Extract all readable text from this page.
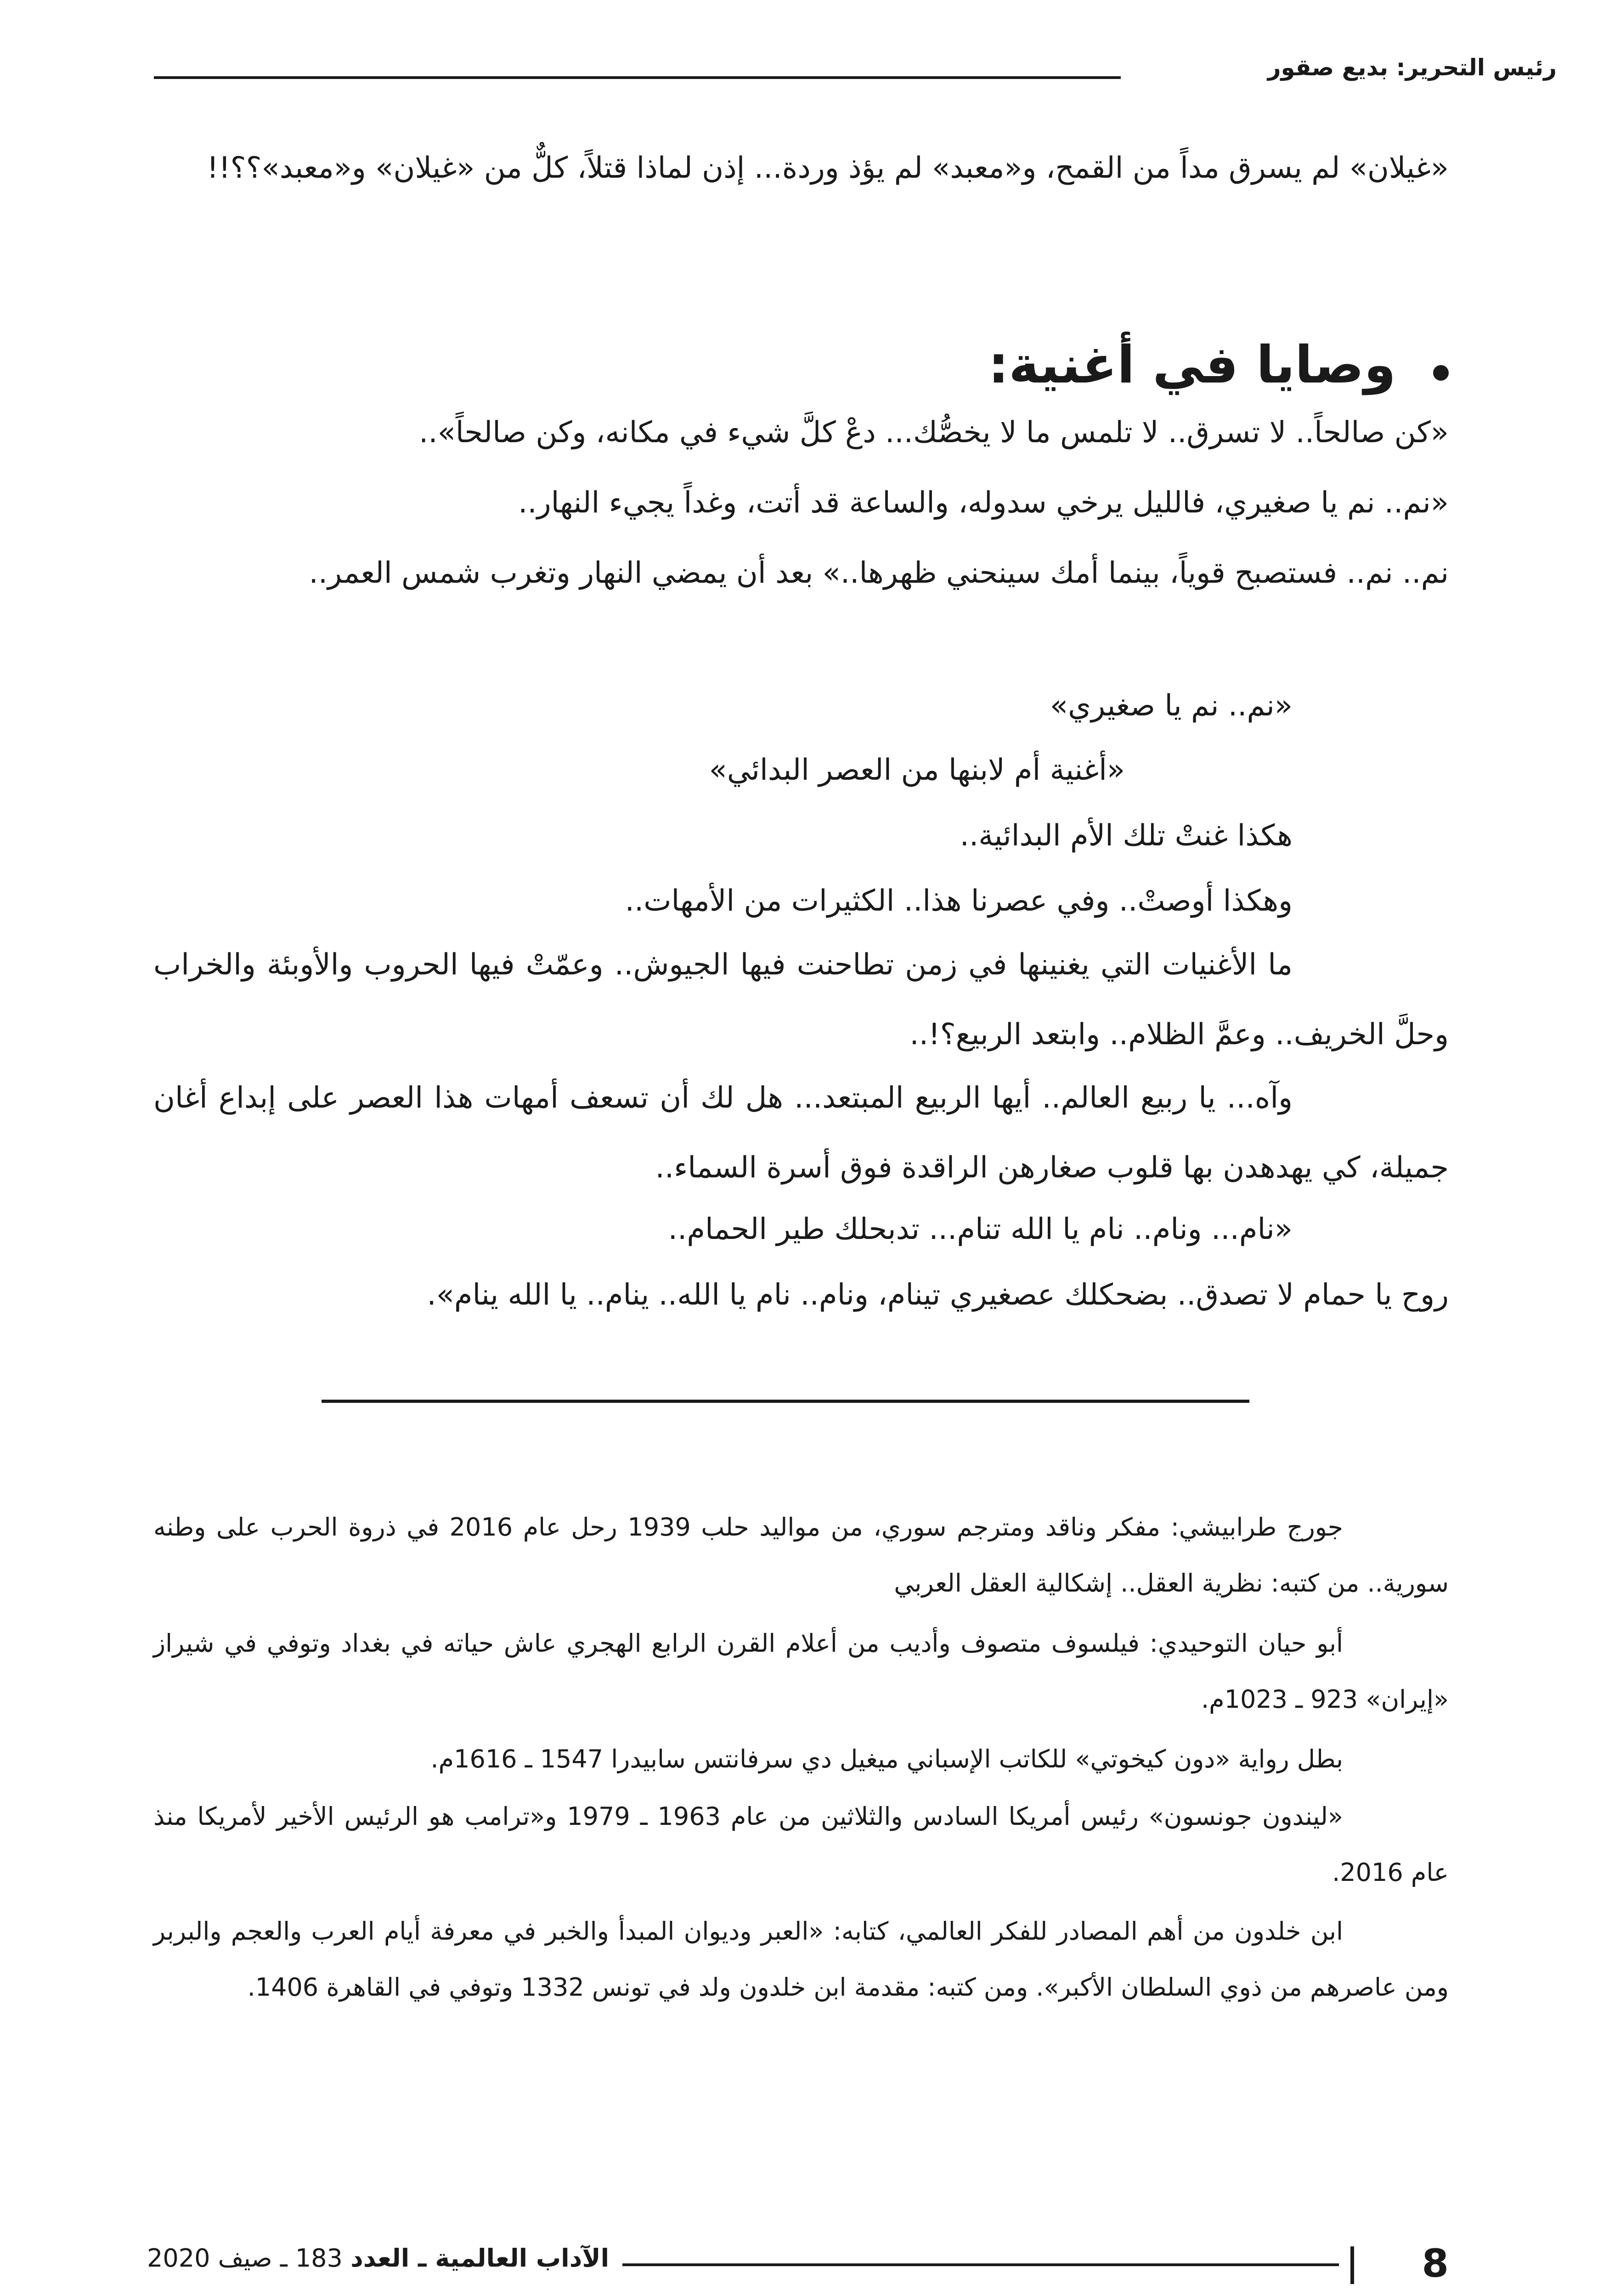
رئيس التحرير: بديع صقور
«غيلان» لم يسرق مداً من القمح، و«معبد» لم يؤذ وردة... إذن لماذا قتلاً، كلٌّ من «غيلان» و«معبد»؟؟!!
وصايا في أغنية:
«كن صالحاً.. لا تسرق.. لا تلمس ما لا يخصُّك... دعْ كلَّ شيء في مكانه، وكن صالحاً»..
«نم.. نم يا صغيري، فالليل يرخي سدوله، والساعة قد أتت، وغداً يجيء النهار..
نم.. نم.. فستصبح قوياً، بينما أمك سينحني ظهرها..» بعد أن يمضي النهار وتغرب شمس العمر..
«نم.. نم يا صغيري»
«أغنية أم لابنها من العصر البدائي»
هكذا غنتْ تلك الأم البدائية..
وهكذا أوصتْ.. وفي عصرنا هذا.. الكثيرات من الأمهات..
ما الأغنيات التي يغنينها في زمن تطاحنت فيها الجيوش.. وعمّتْ فيها الحروب والأوبئة والخراب وحلَّ الخريف.. وعمَّ الظلام.. وابتعد الربيع؟!..
وآه... يا ربيع العالم.. أيها الربيع المبتعد... هل لك أن تسعف أمهات هذا العصر على إبداع أغان جميلة، كي يهدهدن بها قلوب صغارهن الراقدة فوق أسرة السماء..
«نام... ونام.. نام يا الله تنام... تدبحلك طير الحمام..
روح يا حمام لا تصدق.. بضحكلك عصغيري تينام، ونام.. نام يا الله.. ينام.. يا الله ينام».
جورج طرابيشي: مفكر وناقد ومترجم سوري، من مواليد حلب 1939 رحل عام 2016 في ذروة الحرب على وطنه سورية.. من كتبه: نظرية العقل.. إشكالية العقل العربي
أبو حيان التوحيدي: فيلسوف متصوف وأديب من أعلام القرن الرابع الهجري عاش حياته في بغداد وتوفي في شيراز «إيران» 923 ـ 1023م.
بطل رواية «دون كيخوتي» للكاتب الإسباني ميغيل دي سرفانتس سابيدرا 1547 ـ 1616م.
«ليندون جونسون» رئيس أمريكا السادس والثلاثين من عام 1963 ـ 1979 و«ترامب هو الرئيس الأخير لأمريكا منذ عام 2016.
ابن خلدون من أهم المصادر للفكر العالمي، كتابه: «العبر وديوان المبدأ والخبر في معرفة أيام العرب والعجم والبربر ومن عاصرهم من ذوي السلطان الأكبر». ومن كتبه: مقدمة ابن خلدون ولد في تونس 1332 وتوفي في القاهرة 1406.
8
الآداب العالمية ـ العدد 183 ـ صيف 2020
